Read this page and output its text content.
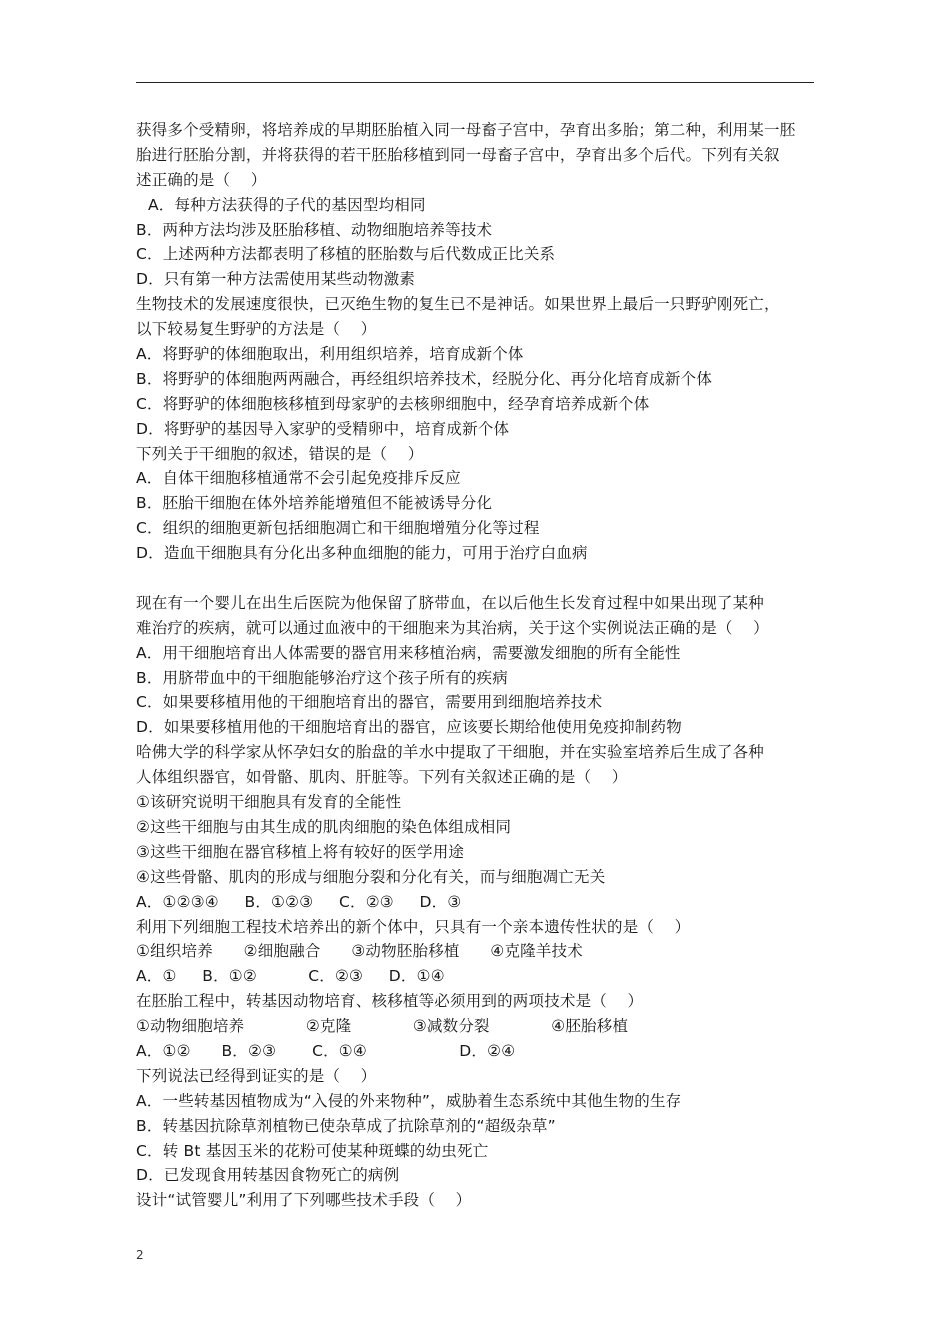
获得多个受精卵，将培养成的早期胚胎植入同一母畜子宫中，孕育出多胎；第二种，利用某一胚
胎进行胚胎分割，并将获得的若干胚胎移植到同一母畜子宫中，孕育出多个后代。下列有关叙
述正确的是（    ）
A．每种方法获得的子代的基因型均相同
B．两种方法均涉及胚胎移植、动物细胞培养等技术
C．上述两种方法都表明了移植的胚胎数与后代数成正比关系
D．只有第一种方法需使用某些动物激素
生物技术的发展速度很快，已灭绝生物的复生已不是神话。如果世界上最后一只野驴刚死亡，
以下较易复生野驴的方法是（    ）
A．将野驴的体细胞取出，利用组织培养，培育成新个体
B．将野驴的体细胞两两融合，再经组织培养技术，经脱分化、再分化培育成新个体
C．将野驴的体细胞核移植到母家驴的去核卵细胞中，经孕育培养成新个体
D．将野驴的基因导入家驴的受精卵中，培育成新个体
下列关于干细胞的叙述，错误的是（    ）
A．自体干细胞移植通常不会引起免疫排斥反应
B．胚胎干细胞在体外培养能增殖但不能被诱导分化
C．组织的细胞更新包括细胞凋亡和干细胞增殖分化等过程
D．造血干细胞具有分化出多种血细胞的能力，可用于治疗白血病
现在有一个婴儿在出生后医院为他保留了脐带血，在以后他生长发育过程中如果出现了某种
难治疗的疾病，就可以通过血液中的干细胞来为其治病，关于这个实例说法正确的是（    ）
A．用干细胞培育出人体需要的器官用来移植治病，需要激发细胞的所有全能性
B．用脐带血中的干细胞能够治疗这个孩子所有的疾病
C．如果要移植用他的干细胞培育出的器官，需要用到细胞培养技术
D．如果要移植用他的干细胞培育出的器官，应该要长期给他使用免疫抑制药物
哈佛大学的科学家从怀孕妇女的胎盘的羊水中提取了干细胞，并在实验室培养后生成了各种
人体组织器官，如骨骼、肌肉、肝脏等。下列有关叙述正确的是（    ）
①该研究说明干细胞具有发育的全能性
②这些干细胞与由其生成的肌肉细胞的染色体组成相同
③这些干细胞在器官移植上将有较好的医学用途
④这些骨骼、肌肉的形成与细胞分裂和分化有关，而与细胞凋亡无关
A．①②③④     B．①②③     C．②③     D．③
利用下列细胞工程技术培养出的新个体中，只具有一个亲本遗传性状的是（    ）
①组织培养      ②细胞融合      ③动物胚胎移植      ④克隆羊技术
A．①     B．①②          C．②③     D．①④
在胚胎工程中，转基因动物培育、核移植等必须用到的两项技术是（    ）
①动物细胞培养            ②克隆            ③减数分裂            ④胚胎移植
A．①②      B．②③       C．①④                  D．②④
下列说法已经得到证实的是（    ）
A．一些转基因植物成为“入侵的外来物种”，威胁着生态系统中其他生物的生存
B．转基因抗除草剂植物已使杂草成了抗除草剂的“超级杂草”
C．转 Bt 基因玉米的花粉可使某种斑蝶的幼虫死亡
D．已发现食用转基因食物死亡的病例
设计“试管婴儿”利用了下列哪些技术手段（    ）
2
